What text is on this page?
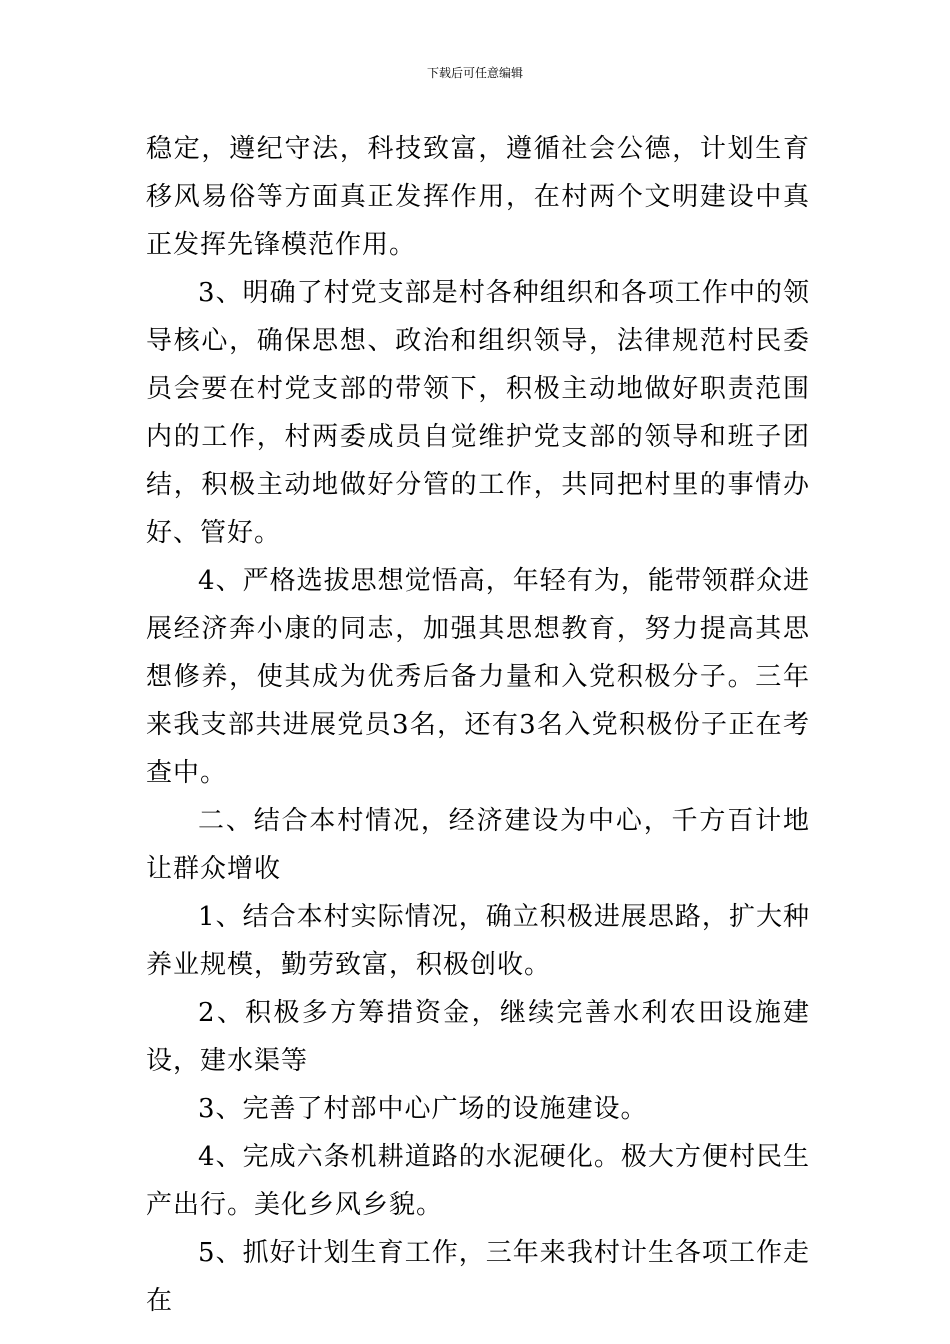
下载后可任意编辑

稳定，遵纪守法，科技致富，遵循社会公德，计划生育移风易俗等方面真正发挥作用，在村两个文明建设中真正发挥先锋模范作用。

3、明确了村党支部是村各种组织和各项工作中的领导核心，确保思想、政治和组织领导，法律规范村民委员会要在村党支部的带领下，积极主动地做好职责范围内的工作，村两委成员自觉维护党支部的领导和班子团结，积极主动地做好分管的工作，共同把村里的事情办好、管好。

4、严格选拔思想觉悟高，年轻有为，能带领群众进展经济奔小康的同志，加强其思想教育，努力提高其思想修养，使其成为优秀后备力量和入党积极分子。三年来我支部共进展党员3名，还有3名入党积极份子正在考查中。

二、结合本村情况，经济建设为中心，千方百计地让群众增收

1、结合本村实际情况，确立积极进展思路，扩大种养业规模，勤劳致富，积极创收。

2、积极多方筹措资金，继续完善水利农田设施建设，建水渠等

3、完善了村部中心广场的设施建设。

4、完成六条机耕道路的水泥硬化。极大方便村民生产出行。美化乡风乡貌。

5、抓好计划生育工作，三年来我村计生各项工作走在
